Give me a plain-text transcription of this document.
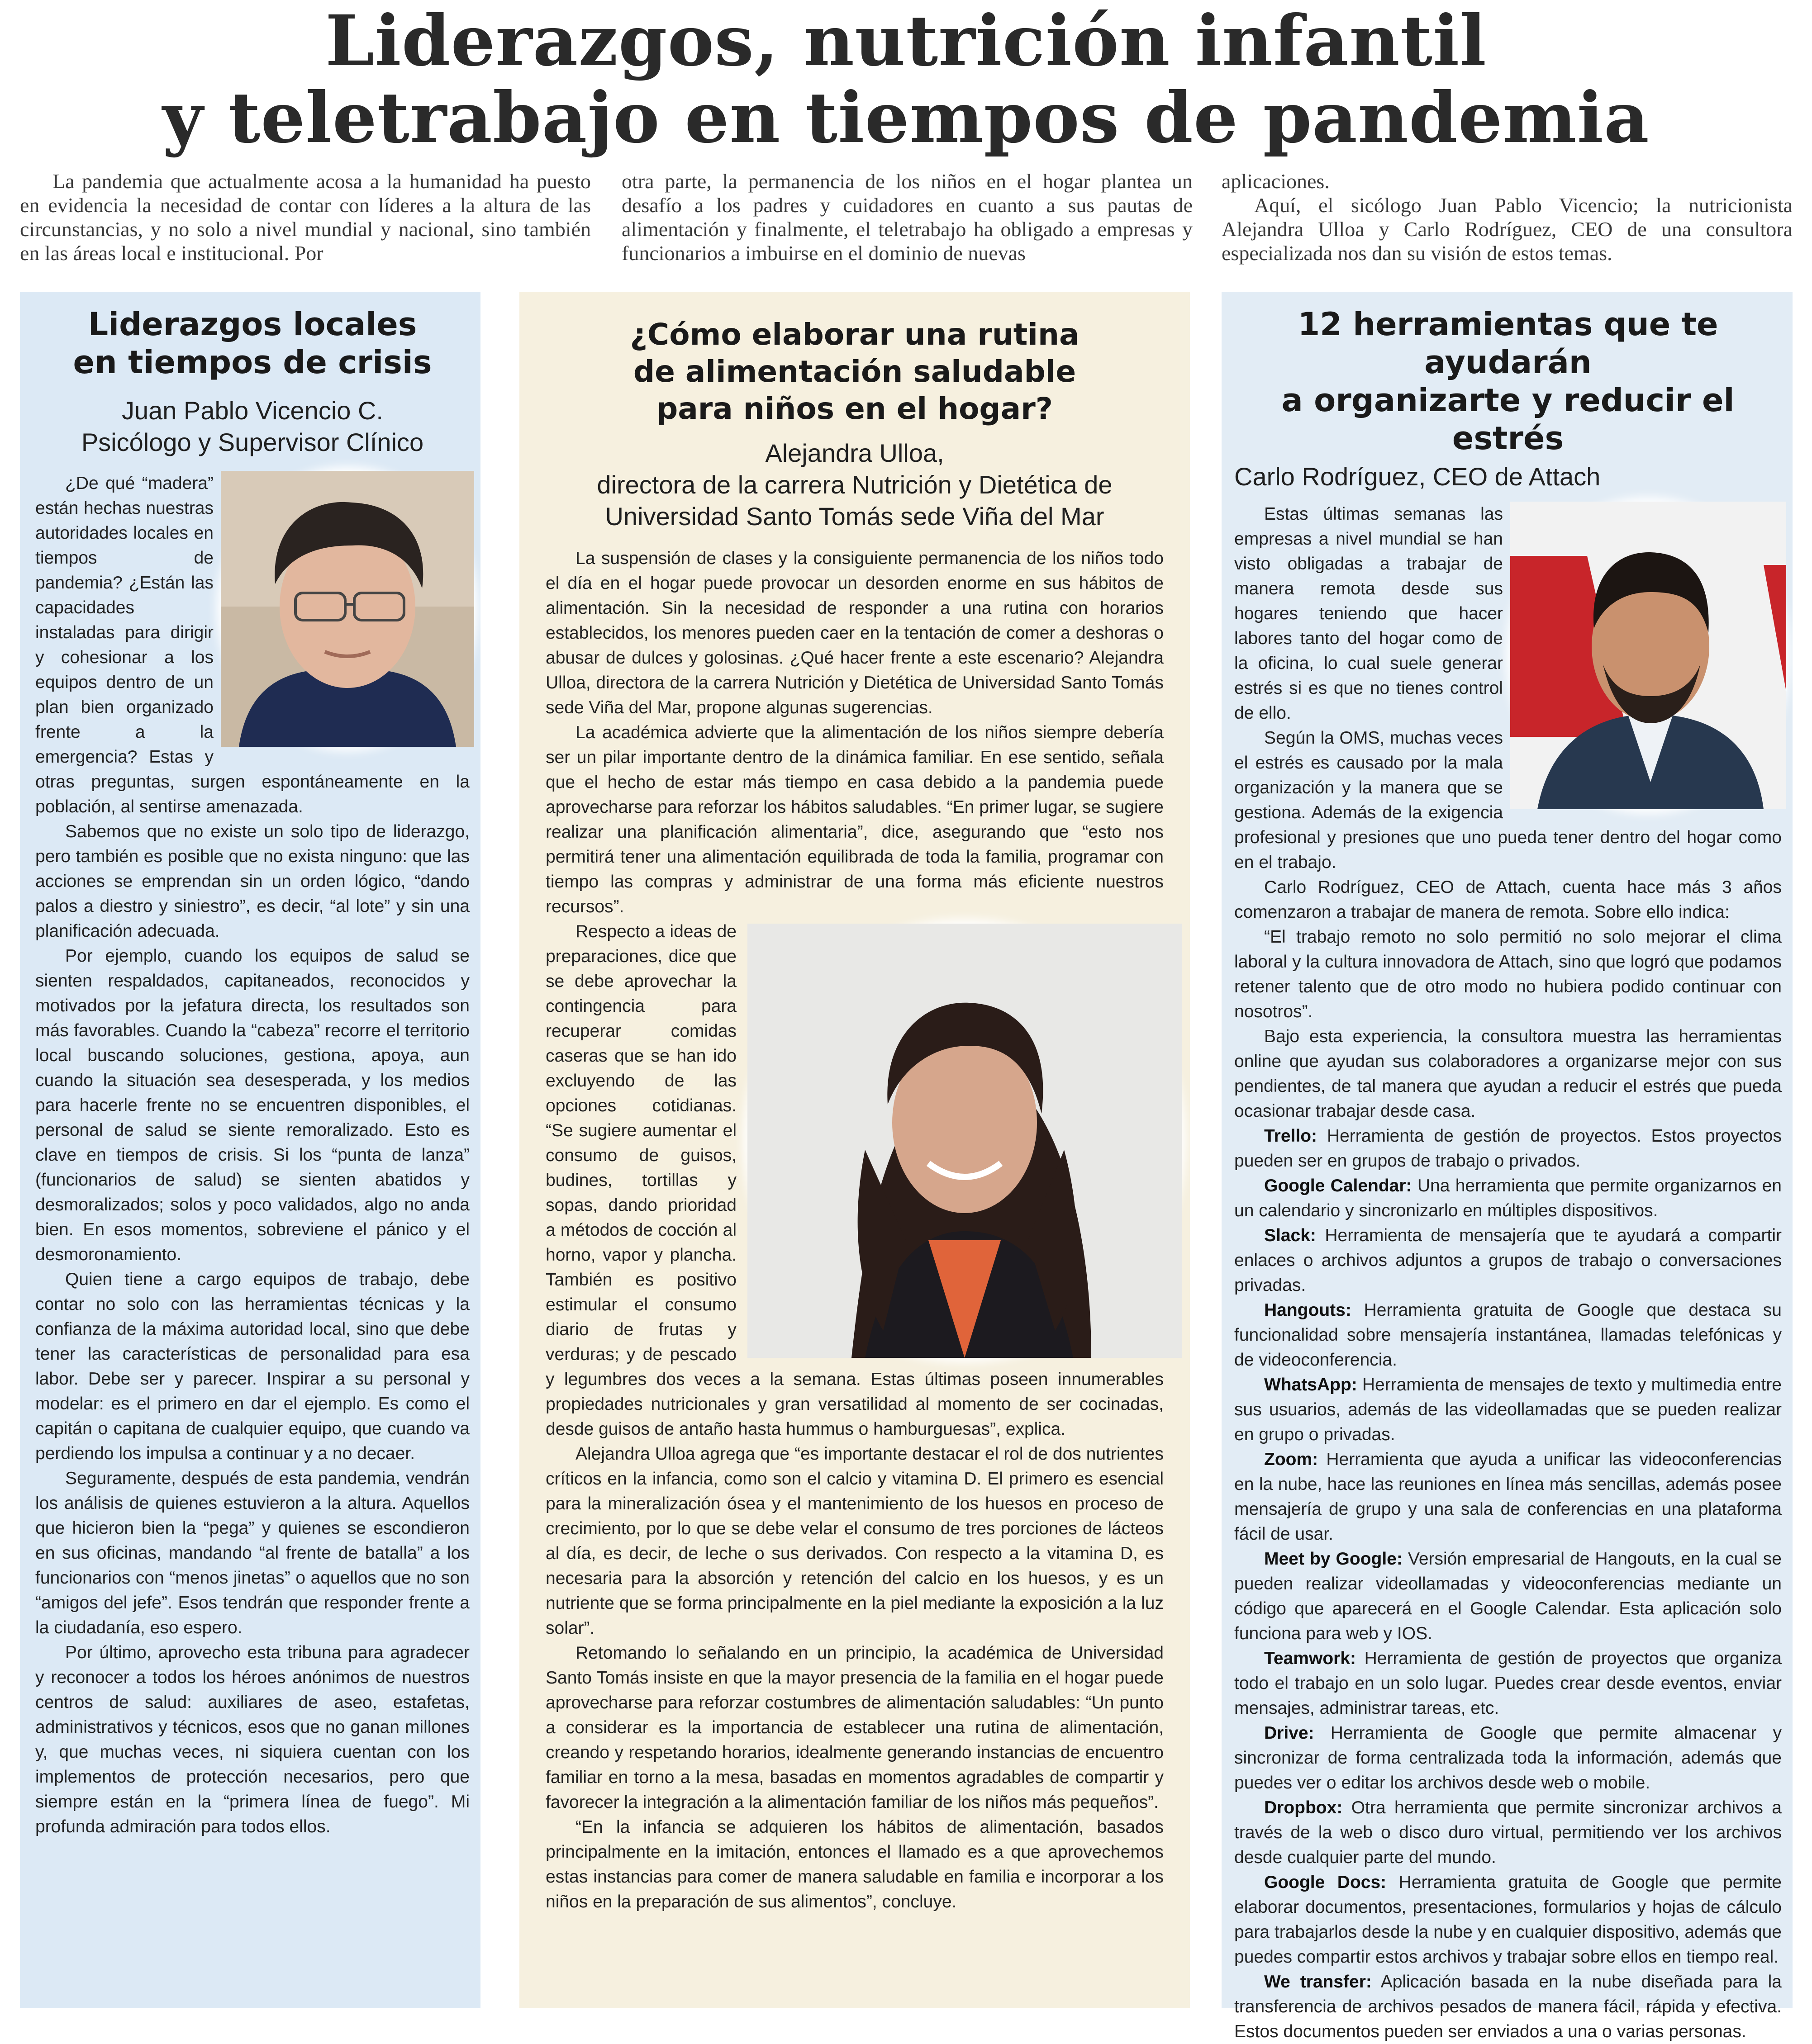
Liderazgos, nutrición infantil
y teletrabajo en tiempos de pandemia

La pandemia que actualmente acosa a la humanidad ha puesto en evidencia la necesidad de contar con líderes a la altura de las circunstancias, y no solo a nivel mundial y nacional, sino también en las áreas local e institucional. Por

otra parte, la permanencia de los niños en el hogar plantea un desafío a los padres y cuidadores en cuanto a sus pautas de alimentación y finalmente, el teletrabajo ha obligado a empresas y funcionarios a imbuirse en el dominio de nuevas

aplicaciones.

Aquí, el sicólogo Juan Pablo Vicencio; la nutricionista Alejandra Ulloa y Carlo Rodríguez, CEO de una consultora especializada nos dan su visión de estos temas.

Liderazgos locales
en tiempos de crisis

Juan Pablo Vicencio C.

Psicólogo y Supervisor Clínico

¿De qué “madera” están hechas nuestras autoridades locales en tiempos de pandemia? ¿Están las capacidades instaladas para dirigir y cohesionar a los equipos dentro de un plan bien organizado frente a la emergencia? Estas y otras preguntas, surgen espontáneamente en la población, al sentirse amenazada.

Sabemos que no existe un solo tipo de liderazgo, pero también es posible que no exista ninguno: que las acciones se emprendan sin un orden lógico, “dando palos a diestro y siniestro”, es decir, “al lote” y sin una planificación adecuada.

Por ejemplo, cuando los equipos de salud se sienten respaldados, capitaneados, reconocidos y motivados por la jefatura directa, los resultados son más favorables. Cuando la “cabeza” recorre el territorio local buscando soluciones, gestiona, apoya, aun cuando la situación sea desesperada, y los medios para hacerle frente no se encuentren disponibles, el personal de salud se siente remoralizado. Esto es clave en tiempos de crisis. Si los “punta de lanza” (funcionarios de salud) se sienten abatidos y desmoralizados; solos y poco validados, algo no anda bien. En esos momentos, sobreviene el pánico y el desmoronamiento.

Quien tiene a cargo equipos de trabajo, debe contar no solo con las herramientas técnicas y la confianza de la máxima autoridad local, sino que debe tener las características de personalidad para esa labor. Debe ser y parecer. Inspirar a su personal y modelar: es el primero en dar el ejemplo. Es como el capitán o capitana de cualquier equipo, que cuando va perdiendo los impulsa a continuar y a no decaer.

Seguramente, después de esta pandemia, vendrán los análisis de quienes estuvieron a la altura. Aquellos que hicieron bien la “pega” y quienes se escondieron en sus oficinas, mandando “al frente de batalla” a los funcionarios con “menos jinetas” o aquellos que no son “amigos del jefe”. Esos tendrán que responder frente a la ciudadanía, eso espero.

Por último, aprovecho esta tribuna para agradecer y reconocer a todos los héroes anónimos de nuestros centros de salud: auxiliares de aseo, estafetas, administrativos y técnicos, esos que no ganan millones y, que muchas veces, ni siquiera cuentan con los implementos de protección necesarios, pero que siempre están en la “primera línea de fuego”. Mi profunda admiración para todos ellos.

¿Cómo elaborar una rutina
de alimentación saludable
para niños en el hogar?

Alejandra Ulloa,

directora de la carrera Nutrición y Dietética de

Universidad Santo Tomás sede Viña del Mar

La suspensión de clases y la consiguiente permanencia de los niños todo el día en el hogar puede provocar un desorden enorme en sus hábitos de alimentación. Sin la necesidad de responder a una rutina con horarios establecidos, los menores pueden caer en la tentación de comer a deshoras o abusar de dulces y golosinas. ¿Qué hacer frente a este escenario? Alejandra Ulloa, directora de la carrera Nutrición y Dietética de Universidad Santo Tomás sede Viña del Mar, propone algunas sugerencias.

La académica advierte que la alimentación de los niños siempre debería ser un pilar importante dentro de la dinámica familiar. En ese sentido, señala que el hecho de estar más tiempo en casa debido a la pandemia puede aprovecharse para reforzar los hábitos saludables. “En primer lugar, se sugiere realizar una planificación alimentaria”, dice, asegurando que “esto nos permitirá tener una alimentación equilibrada de toda la familia, programar con tiempo las compras y administrar de una forma más eficiente nuestros recursos”.

Respecto a ideas de preparaciones, dice que se debe aprovechar la contingencia para recuperar comidas caseras que se han ido excluyendo de las opciones cotidianas. “Se sugiere aumentar el consumo de guisos, budines, tortillas y sopas, dando prioridad a métodos de cocción al horno, vapor y plancha. También es positivo estimular el consumo diario de frutas y verduras; y de pescado y legumbres dos veces a la semana. Estas últimas poseen innumerables propiedades nutricionales y gran versatilidad al momento de ser cocinadas, desde guisos de antaño hasta hummus o hamburguesas”, explica.

Alejandra Ulloa agrega que “es importante destacar el rol de dos nutrientes críticos en la infancia, como son el calcio y vitamina D. El primero es esencial para la mineralización ósea y el mantenimiento de los huesos en proceso de crecimiento, por lo que se debe velar el consumo de tres porciones de lácteos al día, es decir, de leche o sus derivados. Con respecto a la vitamina D, es necesaria para la absorción y retención del calcio en los huesos, y es un nutriente que se forma principalmente en la piel mediante la exposición a la luz solar”.

Retomando lo señalando en un principio, la académica de Universidad Santo Tomás insiste en que la mayor presencia de la familia en el hogar puede aprovecharse para reforzar costumbres de alimentación saludables: “Un punto a considerar es la importancia de establecer una rutina de alimentación, creando y respetando horarios, idealmente generando instancias de encuentro familiar en torno a la mesa, basadas en momentos agradables de compartir y favorecer la integración a la alimentación familiar de los niños más pequeños”.

“En la infancia se adquieren los hábitos de alimentación, basados principalmente en la imitación, entonces el llamado es a que aprovechemos estas instancias para comer de manera saludable en familia e incorporar a los niños en la preparación de sus alimentos”, concluye.

12 herramientas que te ayudarán
a organizarte y reducir el estrés

Carlo Rodríguez, CEO de Attach

Estas últimas semanas las empresas a nivel mundial se han visto obligadas a trabajar de manera remota desde sus hogares teniendo que hacer labores tanto del hogar como de la oficina, lo cual suele generar estrés si es que no tienes control de ello.

Según la OMS, muchas veces el estrés es causado por la mala organización y la manera que se gestiona. Además de la exigencia profesional y presiones que uno pueda tener dentro del hogar como en el trabajo.

Carlo Rodríguez, CEO de Attach, cuenta hace más 3 años comenzaron a trabajar de manera de remota. Sobre ello indica:

“El trabajo remoto no solo permitió no solo mejorar el clima laboral y la cultura innovadora de Attach, sino que logró que podamos retener talento que de otro modo no hubiera podido continuar con nosotros”.

Bajo esta experiencia, la consultora muestra las herramientas online que ayudan sus colaboradores a organizarse mejor con sus pendientes, de tal manera que ayudan a reducir el estrés que pueda ocasionar trabajar desde casa.

Trello: Herramienta de gestión de proyectos. Estos proyectos pueden ser en grupos de trabajo o privados.

Google Calendar: Una herramienta que permite organizarnos en un calendario y sincronizarlo en múltiples dispositivos.

Slack: Herramienta de mensajería que te ayudará a compartir enlaces o archivos adjuntos a grupos de trabajo o conversaciones privadas.

Hangouts: Herramienta gratuita de Google que destaca su funcionalidad sobre mensajería instantánea, llamadas telefónicas y de videoconferencia.

WhatsApp: Herramienta de mensajes de texto y multimedia entre sus usuarios, además de las videollamadas que se pueden realizar en grupo o privadas.

Zoom: Herramienta que ayuda a unificar las videoconferencias en la nube, hace las reuniones en línea más sencillas, además posee mensajería de grupo y una sala de conferencias en una plataforma fácil de usar.

Meet by Google: Versión empresarial de Hangouts, en la cual se pueden realizar videollamadas y videoconferencias mediante un código que aparecerá en el Google Calendar. Esta aplicación solo funciona para web y IOS.

Teamwork: Herramienta de gestión de proyectos que organiza todo el trabajo en un solo lugar. Puedes crear desde eventos, enviar mensajes, administrar tareas, etc.

Drive: Herramienta de Google que permite almacenar y sincronizar de forma centralizada toda la información, además que puedes ver o editar los archivos desde web o mobile.

Dropbox: Otra herramienta que permite sincronizar archivos a través de la web o disco duro virtual, permitiendo ver los archivos desde cualquier parte del mundo.

Google Docs: Herramienta gratuita de Google que permite elaborar documentos, presentaciones, formularios y hojas de cálculo para trabajarlos desde la nube y en cualquier dispositivo, además que puedes compartir estos archivos y trabajar sobre ellos en tiempo real.

We transfer: Aplicación basada en la nube diseñada para la transferencia de archivos pesados de manera fácil, rápida y efectiva. Estos documentos pueden ser enviados a una o varias personas.
